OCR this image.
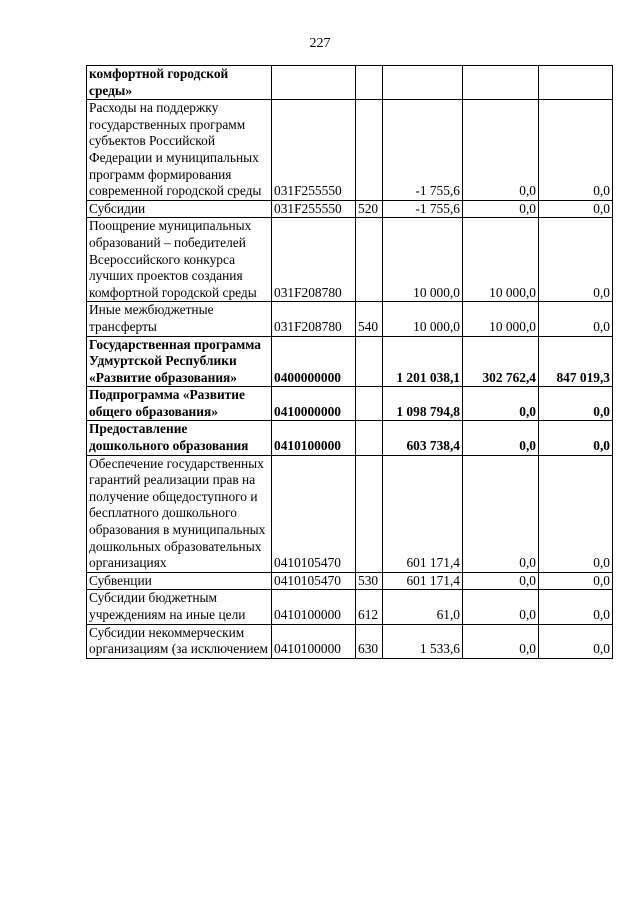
227
комфортной городской среды»					
Расходы на поддержку государственных программ субъектов Российской Федерации и муниципальных программ формирования современной городской среды	031F255550		-1 755,6	0,0	0,0
Субсидии	031F255550	520	-1 755,6	0,0	0,0
Поощрение муниципальных образований – победителей Всероссийского конкурса лучших проектов создания комфортной городской среды	031F208780		10 000,0	10 000,0	0,0
Иные межбюджетные трансферты	031F208780	540	10 000,0	10 000,0	0,0
Государственная программа Удмуртской Республики «Развитие образования»	0400000000		1 201 038,1	302 762,4	847 019,3
Подпрограмма «Развитие общего образования»	0410000000		1 098 794,8	0,0	0,0
Предоставление дошкольного образования	0410100000		603 738,4	0,0	0,0
Обеспечение государственных гарантий реализации прав на получение общедоступного и бесплатного дошкольного образования в муниципальных дошкольных образовательных организациях	0410105470		601 171,4	0,0	0,0
Субвенции	0410105470	530	601 171,4	0,0	0,0
Субсидии бюджетным учреждениям на иные цели	0410100000	612	61,0	0,0	0,0
Субсидии некоммерческим организациям (за исключением	0410100000	630	1 533,6	0,0	0,0
